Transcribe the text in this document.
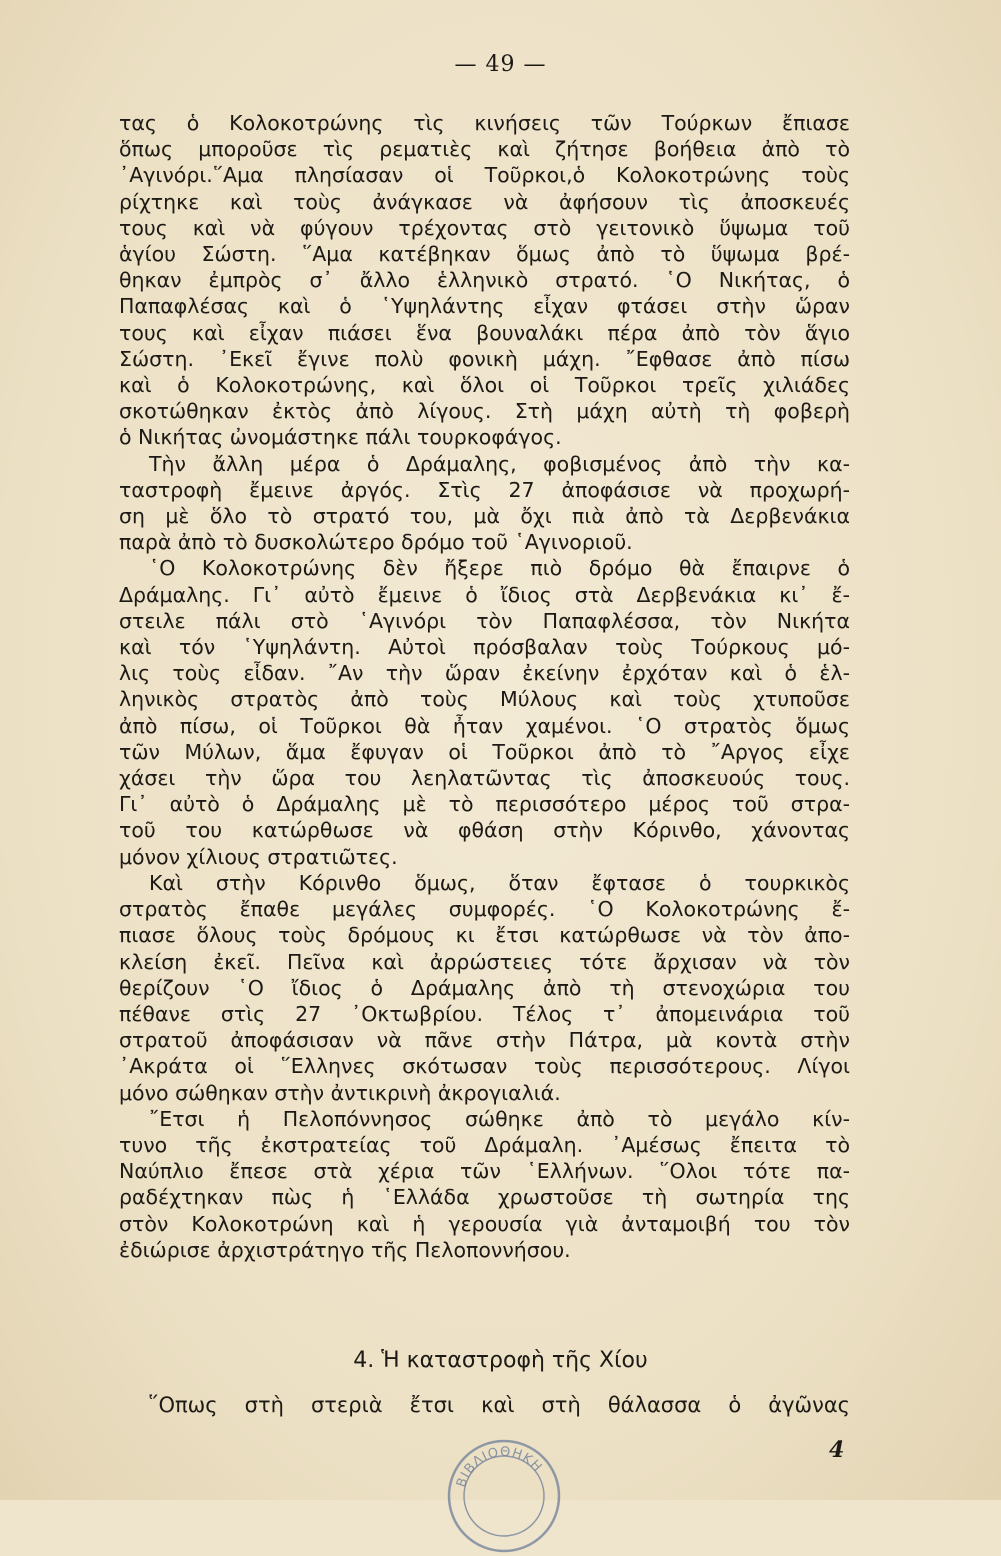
— 49 —
τας ὁ Κολοκοτρώνης τὶς κινήσεις τῶν Τούρκων ἔπιασε
ὅπως μποροῦσε τὶς ρεματιὲς καὶ ζήτησε βοήθεια ἀπὸ τὸ
᾿Αγινόρι.῞Αμα πλησίασαν οἱ Τοῦρκοι,ὁ Κολοκοτρώνης τοὺς
ρίχτηκε καὶ τοὺς ἀνάγκασε νὰ ἀφήσουν τὶς ἀποσκευές
τους καὶ νὰ φύγουν τρέχοντας στὸ γειτονικὸ ὕψωμα τοῦ
ἁγίου Σώστη. ῞Αμα κατέβηκαν ὅμως ἀπὸ τὸ ὕψωμα βρέ-
θηκαν ἐμπρὸς σ᾿ ἄλλο ἑλληνικὸ στρατό. ῾Ο Νικήτας, ὁ
Παπαφλέσας καὶ ὁ ῾Υψηλάντης εἶχαν φτάσει στὴν ὥραν
τους καὶ εἶχαν πιάσει ἕνα βουναλάκι πέρα ἀπὸ τὸν ἅγιο
Σώστη. ᾿Εκεῖ ἔγινε πολὺ φονικὴ μάχη. ῎Εφθασε ἀπὸ πίσω
καὶ ὁ Κολοκοτρώνης, καὶ ὅλοι οἱ Τοῦρκοι τρεῖς χιλιάδες
σκοτώθηκαν ἐκτὸς ἀπὸ λίγους. Στὴ μάχη αὐτὴ τὴ φοβερὴ
ὁ Νικήτας ὠνομάστηκε πάλι τουρκοφάγος.
Τὴν ἄλλη μέρα ὁ Δράμαλης, φοβισμένος ἀπὸ τὴν κα-
ταστροφὴ ἔμεινε ἀργός. Στὶς 27 ἀποφάσισε νὰ προχωρή-
ση μὲ ὅλο τὸ στρατό του, μὰ ὄχι πιὰ ἀπὸ τὰ Δερβενάκια
παρὰ ἀπὸ τὸ δυσκολώτερο δρόμο τοῦ ῾Αγινοριοῦ.
῾Ο Κολοκοτρώνης δὲν ἤξερε πιὸ δρόμο θὰ ἔπαιρνε ὁ
Δράμαλης. Γι᾿ αὐτὸ ἔμεινε ὁ ἴδιος στὰ Δερβενάκια κι᾿ ἔ-
στειλε πάλι στὸ ῾Αγινόρι τὸν Παπαφλέσσα, τὸν Νικήτα
καὶ τόν ῾Υψηλάντη. Αὐτοὶ πρόσβαλαν τοὺς Τούρκους μό-
λις τοὺς εἶδαν. ῎Αν τὴν ὥραν ἐκείνην ἐρχόταν καὶ ὁ ἑλ-
ληνικὸς στρατὸς ἀπὸ τοὺς Μύλους καὶ τοὺς χτυποῦσε
ἀπὸ πίσω, οἱ Τοῦρκοι θὰ ἦταν χαμένοι. ῾Ο στρατὸς ὅμως
τῶν Μύλων, ἅμα ἔφυγαν οἱ Τοῦρκοι ἀπὸ τὸ ῎Αργος εἶχε
χάσει τὴν ὥρα του λεηλατῶντας τὶς ἀποσκευούς τους.
Γι᾿ αὐτὸ ὁ Δράμαλης μὲ τὸ περισσότερο μέρος τοῦ στρα-
τοῦ του κατώρθωσε νὰ φθάση στὴν Κόρινθο, χάνοντας
μόνον χίλιους στρατιῶτες.
Καὶ στὴν Κόρινθο ὅμως, ὅταν ἔφτασε ὁ τουρκικὸς
στρατὸς ἔπαθε μεγάλες συμφορές. ῾Ο Κολοκοτρώνης ἔ-
πιασε ὅλους τοὺς δρόμους κι ἔτσι κατώρθωσε νὰ τὸν ἀπο-
κλείση ἐκεῖ. Πεῖνα καὶ ἀρρώστειες τότε ἄρχισαν νὰ τὸν
θερίζουν ῾Ο ἴδιος ὁ Δράμαλης ἀπὸ τὴ στενοχώρια του
πέθανε στὶς 27 ᾿Οκτωβρίου. Τέλος τ᾿ ἀπομεινάρια τοῦ
στρατοῦ ἀποφάσισαν νὰ πᾶνε στὴν Πάτρα, μὰ κοντὰ στὴν
᾿Ακράτα οἱ ῞Ελληνες σκότωσαν τοὺς περισσότερους. Λίγοι
μόνο σώθηκαν στὴν ἀντικρινὴ ἀκρογιαλιά.
῎Ετσι ἡ Πελοπόννησος σώθηκε ἀπὸ τὸ μεγάλο κίν-
τυνο τῆς ἐκστρατείας τοῦ Δράμαλη. ᾿Αμέσως ἔπειτα τὸ
Ναύπλιο ἔπεσε στὰ χέρια τῶν ῾Ελλήνων. ῞Ολοι τότε πα-
ραδέχτηκαν πὼς ἡ ῾Ελλάδα χρωστοῦσε τὴ σωτηρία της
στὸν Κολοκοτρώνη καὶ ἡ γερουσία γιὰ ἀνταμοιβή του τὸν
ἐδιώρισε ἀρχιστράτηγο τῆς Πελοποννήσου.
4. Ἡ καταστροφὴ τῆς Χίου
῞Οπως στὴ στεριὰ ἔτσι καὶ στὴ θάλασσα ὁ ἀγῶνας
4
ΒΙΒΛΙΟΘΗΚΗ
